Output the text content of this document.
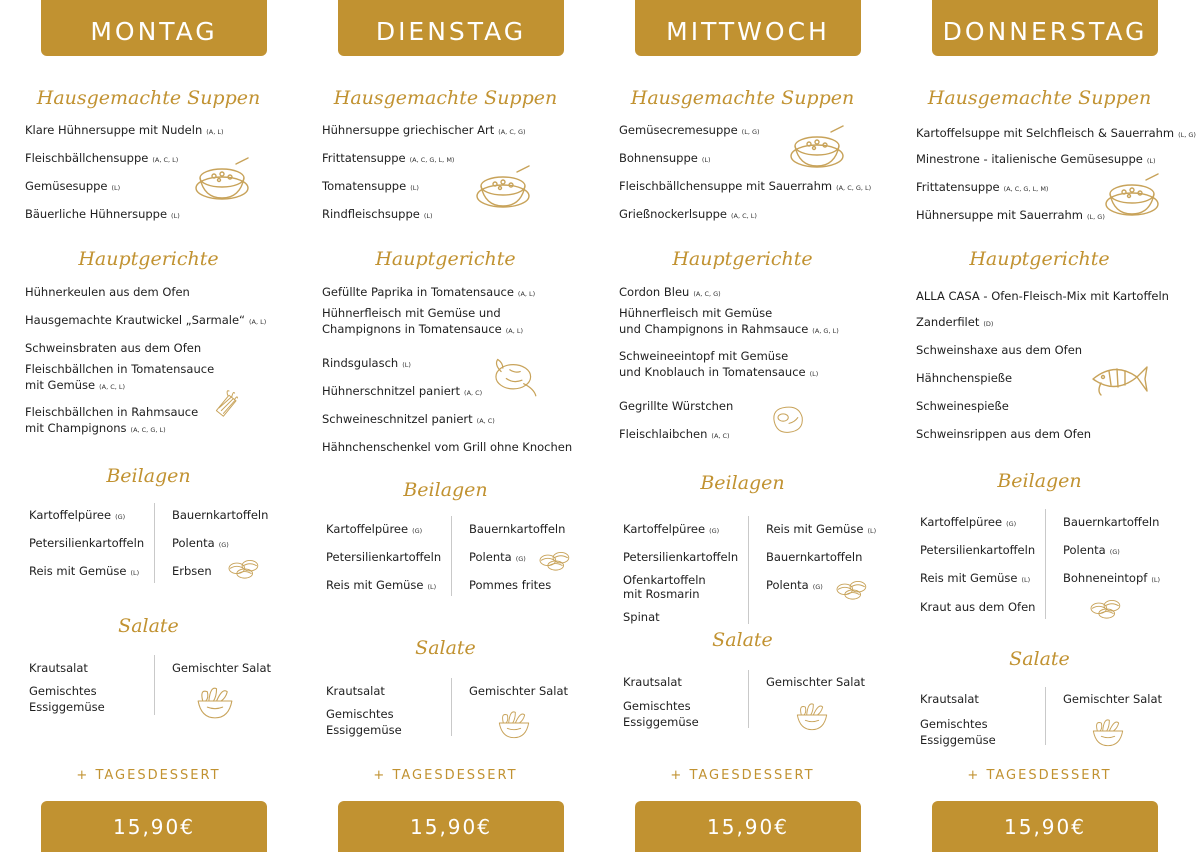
MONTAG
Hausgemachte Suppen
Klare Hühnersuppe mit Nudeln (A, L)
Fleischbällchensuppe (A, C, L)
Gemüsesuppe (L)
Bäuerliche Hühnersuppe (L)
Hauptgerichte
Hühnerkeulen aus dem Ofen
Hausgemachte Krautwickel „Sarmale“ (A, L)
Schweinsbraten aus dem Ofen
Fleischbällchen in Tomatensauce
mit Gemüse (A, C, L)
Fleischbällchen in Rahmsauce
mit Champignons (A, C, G, L)
Beilagen
Kartoffelpüree (G)
Petersilienkartoffeln
Reis mit Gemüse (L)
Bauernkartoffeln
Polenta (G)
Erbsen
Salate
Krautsalat
Gemischtes
Essiggemüse
Gemischter Salat
+ TAGESDESSERT
15,90€
DIENSTAG
Hausgemachte Suppen
Hühnersuppe griechischer Art (A, C, G)
Frittatensuppe (A, C, G, L, M)
Tomatensuppe (L)
Rindfleischsuppe (L)
Hauptgerichte
Gefüllte Paprika in Tomatensauce (A, L)
Hühnerfleisch mit Gemüse und
Champignons in Tomatensauce (A, L)
Rindsgulasch (L)
Hühnerschnitzel paniert (A, C)
Schweineschnitzel paniert (A, C)
Hähnchenschenkel vom Grill ohne Knochen
Beilagen
Kartoffelpüree (G)
Petersilienkartoffeln
Reis mit Gemüse (L)
Bauernkartoffeln
Polenta (G)
Pommes frites
Salate
Krautsalat
Gemischtes
Essiggemüse
Gemischter Salat
+ TAGESDESSERT
15,90€
MITTWOCH
Hausgemachte Suppen
Gemüsecremesuppe (L, G)
Bohnensuppe (L)
Fleischbällchensuppe mit Sauerrahm (A, C, G, L)
Grießnockerlsuppe (A, C, L)
Hauptgerichte
Cordon Bleu (A, C, G)
Hühnerfleisch mit Gemüse
und Champignons in Rahmsauce (A, G, L)
Schweineeintopf mit Gemüse
und Knoblauch in Tomatensauce (L)
Gegrillte Würstchen
Fleischlaibchen (A, C)
Beilagen
Kartoffelpüree (G)
Petersilienkartoffeln
Ofenkartoffeln
mit Rosmarin
Spinat
Reis mit Gemüse (L)
Bauernkartoffeln
Polenta (G)
Salate
Krautsalat
Gemischtes
Essiggemüse
Gemischter Salat
+ TAGESDESSERT
15,90€
DONNERSTAG
Hausgemachte Suppen
Kartoffelsuppe mit Selchfleisch & Sauerrahm (L, G)
Minestrone - italienische Gemüsesuppe (L)
Frittatensuppe (A, C, G, L, M)
Hühnersuppe mit Sauerrahm (L, G)
Hauptgerichte
ALLA CASA - Ofen-Fleisch-Mix mit Kartoffeln
Zanderfilet (D)
Schweinshaxe aus dem Ofen
Hähnchenspieße
Schweinespieße
Schweinsrippen aus dem Ofen
Beilagen
Kartoffelpüree (G)
Petersilienkartoffeln
Reis mit Gemüse (L)
Kraut aus dem Ofen
Bauernkartoffeln
Polenta (G)
Bohneneintopf (L)
Salate
Krautsalat
Gemischtes
Essiggemüse
Gemischter Salat
+ TAGESDESSERT
15,90€
